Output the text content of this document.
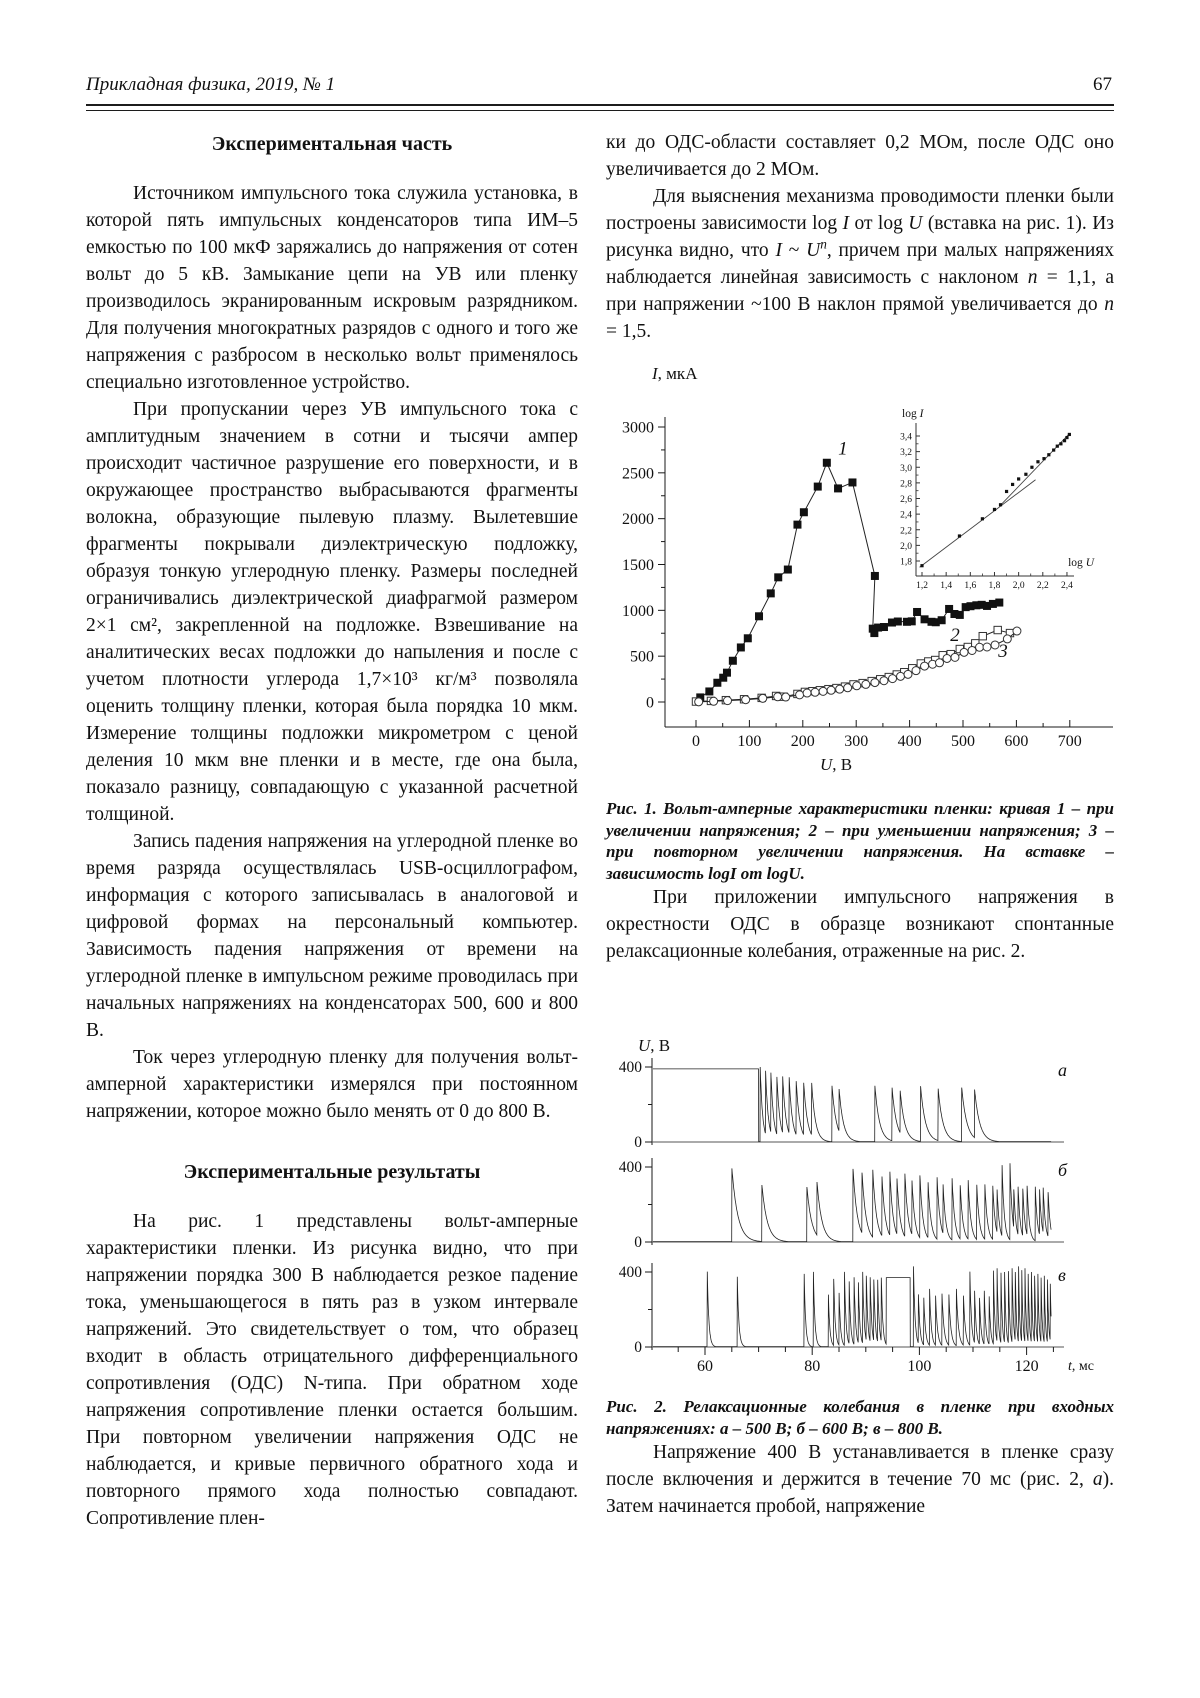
Прикладная физика, 2019, № 1	67
Экспериментальная часть

Источником импульсного тока служила установка, в которой пять импульсных конденсаторов типа ИМ–5 емкостью по 100 мкФ заряжались до напряжения от сотен вольт до 5 кВ. Замыкание цепи на УВ или пленку производилось экранированным искровым разрядником. Для получения многократных разрядов с одного и того же напряжения с разбросом в несколько вольт применялось специально изготовленное устройство.

При пропускании через УВ импульсного тока с амплитудным значением в сотни и тысячи ампер происходит частичное разрушение его поверхности, и в окружающее пространство выбрасываются фрагменты волокна, образующие пылевую плазму. Вылетевшие фрагменты покрывали диэлектрическую подложку, образуя тонкую углеродную пленку. Размеры последней ограничивались диэлектрической диафрагмой размером 2×1 см², закрепленной на подложке. Взвешивание на аналитических весах подложки до напыления и после с учетом плотности углерода 1,7×10³ кг/м³ позволяла оценить толщину пленки, которая была порядка 10 мкм. Измерение толщины подложки микрометром с ценой деления 10 мкм вне пленки и в месте, где она была, показало разницу, совпадающую с указанной расчетной толщиной.

Запись падения напряжения на углеродной пленке во время разряда осуществлялась USB-осциллографом, информация с которого записывалась в аналоговой и цифровой формах на персональный компьютер. Зависимость падения напряжения от времени на углеродной пленке в импульсном режиме проводилась при начальных напряжениях на конденсаторах 500, 600 и 800 В.

Ток через углеродную пленку для получения вольт-амперной характеристики измерялся при постоянном напряжении, которое можно было менять от 0 до 800 В.

Экспериментальные результаты

На рис. 1 представлены вольт-амперные характеристики пленки. Из рисунка видно, что при напряжении порядка 300 В наблюдается резкое падение тока, уменьшающегося в пять раз в узком интервале напряжений. Это свидетельствует о том, что образец входит в область отрицательного дифференциального сопротивления (ОДС) N-типа. При обратном ходе напряжения сопротивление пленки остается большим. При повторном увеличении напряжения ОДС не наблюдается, и кривые первичного обратного хода и повторного прямого хода полностью совпадают. Сопротивление плен-

ки до ОДС-области составляет 0,2 МОм, после ОДС оно увеличивается до 2 МОм.

Для выяснения механизма проводимости пленки были построены зависимости log I от log U (вставка на рис. 1). Из рисунка видно, что I ~ $U^n$, причем при малых напряжениях наблюдается линейная зависимость с наклоном n = 1,1, а при напряжении ~100 В наклон прямой увеличивается до n = 1,5.

0 100 200 300 400 500 600 700
0
500
1000
1500
2000
2500
3000
U, В
I, мкА
1
2
3
1,2 1,4 1,6 1,8 2,0 2,2 2,4
1,8
2,0
2,2
2,4
2,6
2,8
3,0
3,2
3,4
log I
log U

Рис. 1. Вольт-амперные характеристики пленки: кривая 1 – при увеличении напряжения; 2 – при уменьшении напряжения; 3 – при повторном увеличении напряжения. На вставке – зависимость logI от logU.

При приложении импульсного напряжения в окрестности ОДС в образце возникают спонтанные релаксационные колебания, отраженные на рис. 2.

U, В
400
0
а
400
0
б
400
0
в
60	80	100	120 t, мс

Рис. 2. Релаксационные колебания в пленке при входных напряжениях: а – 500 В; б – 600 В; в – 800 В.

Напряжение 400 В устанавливается в пленке сразу после включения и держится в течение 70 мс (рис. 2, а). Затем начинается пробой, напряжение
